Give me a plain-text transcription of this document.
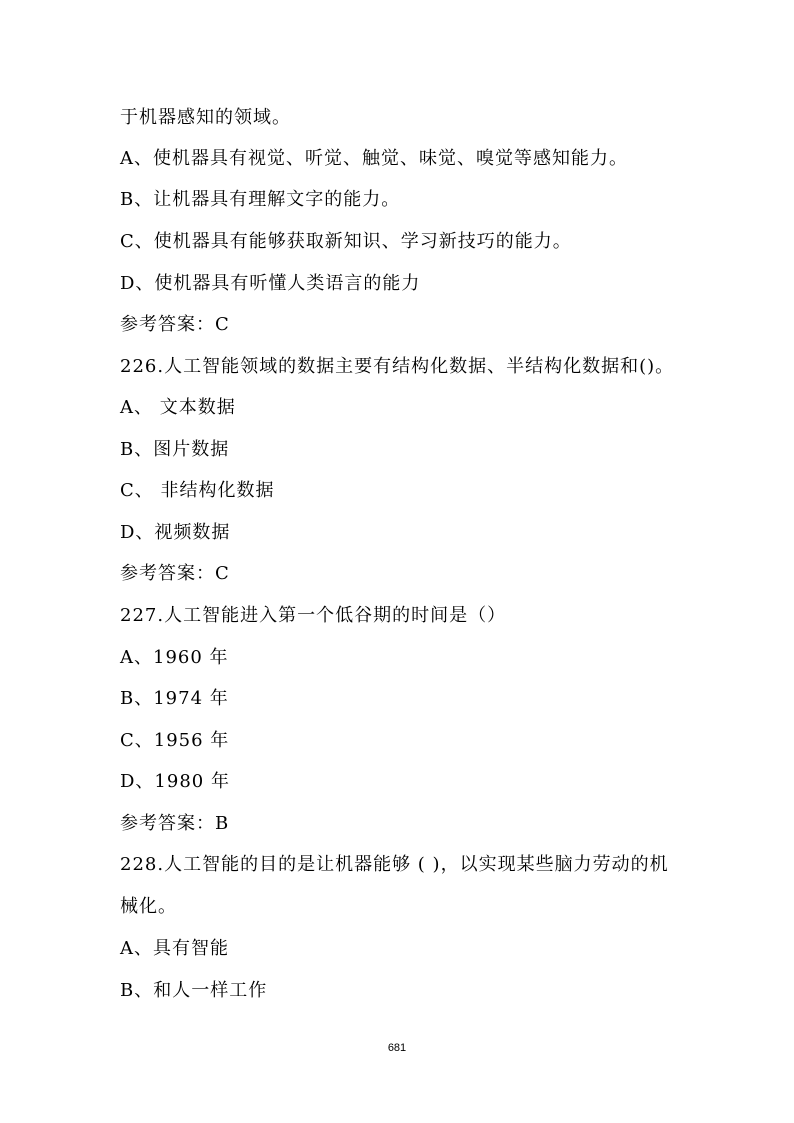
于机器感知的领域。
A、使机器具有视觉、听觉、触觉、味觉、嗅觉等感知能力。
B、让机器具有理解文字的能力。
C、使机器具有能够获取新知识、学习新技巧的能力。
D、使机器具有听懂人类语言的能力
参考答案：C
226.人工智能领域的数据主要有结构化数据、半结构化数据和()。
A、 文本数据
B、图片数据
C、 非结构化数据
D、视频数据
参考答案：C
227.人工智能进入第一个低谷期的时间是（）
A、1960 年
B、1974 年
C、1956 年
D、1980 年
参考答案：B
228.人工智能的目的是让机器能够 ( )，以实现某些脑力劳动的机
械化。
A、具有智能
B、和人一样工作
681
